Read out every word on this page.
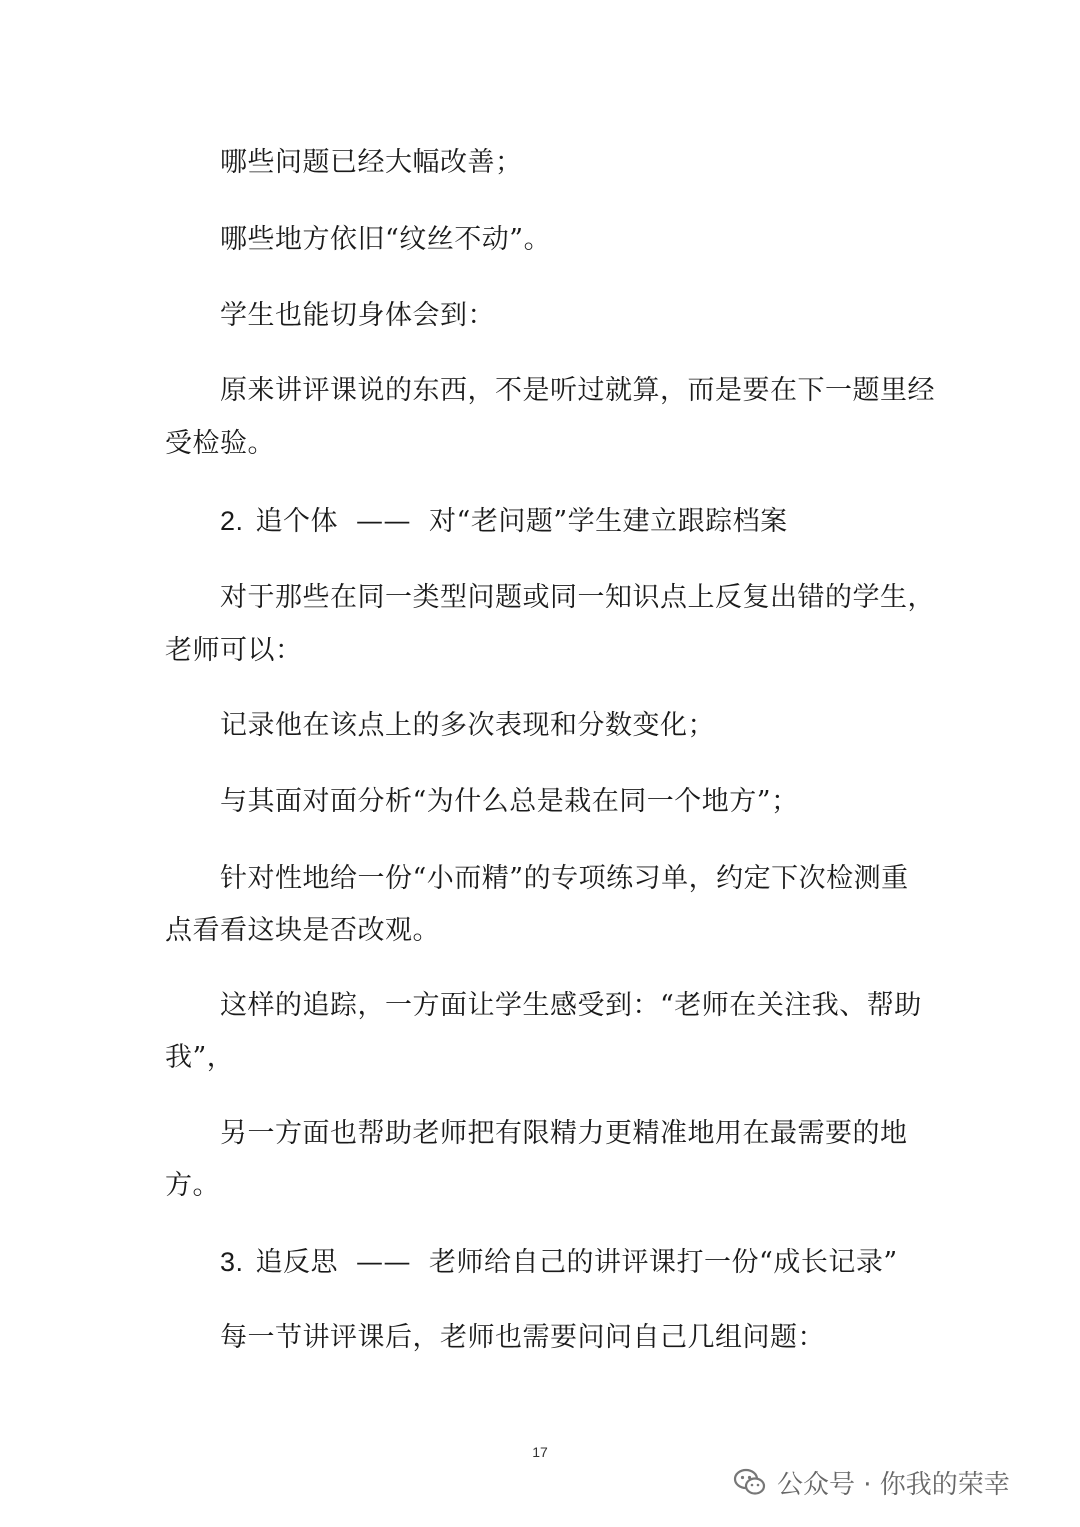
哪些问题已经大幅改善；
哪些地方依旧“纹丝不动”。
学生也能切身体会到：
原来讲评课说的东西，不是听过就算，而是要在下一题里经
受检验。
2. 追个体 —— 对“老问题”学生建立跟踪档案
对于那些在同一类型问题或同一知识点上反复出错的学生，
老师可以：
记录他在该点上的多次表现和分数变化；
与其面对面分析“为什么总是栽在同一个地方”；
针对性地给一份“小而精”的专项练习单，约定下次检测重
点看看这块是否改观。
这样的追踪，一方面让学生感受到：“老师在关注我、帮助
我”，
另一方面也帮助老师把有限精力更精准地用在最需要的地
方。
3. 追反思 —— 老师给自己的讲评课打一份“成长记录”
每一节讲评课后，老师也需要问问自己几组问题：
17
公众号 · 你我的荣幸
